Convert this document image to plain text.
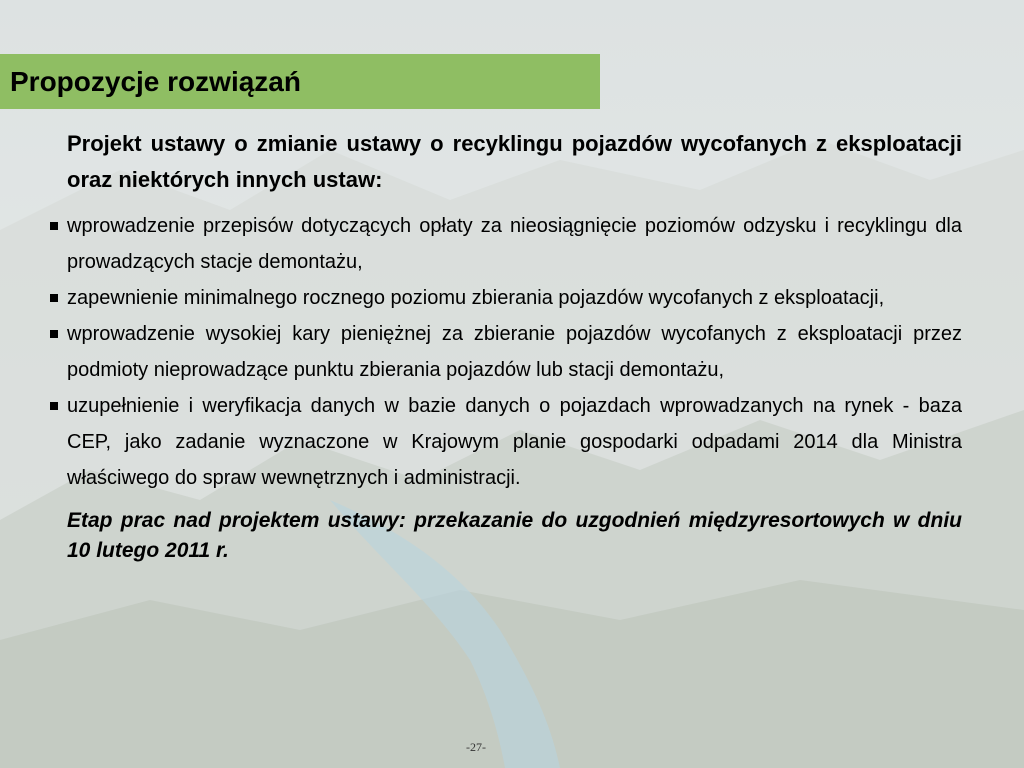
Propozycje rozwiązań

Projekt ustawy o zmianie ustawy o recyklingu pojazdów wycofanych z eksploatacji oraz niektórych innych ustaw:

wprowadzenie przepisów dotyczących opłaty za nieosiągnięcie poziomów odzysku i recyklingu dla prowadzących stacje demontażu,
zapewnienie minimalnego rocznego poziomu zbierania pojazdów wycofanych z eksploatacji,
wprowadzenie wysokiej kary pieniężnej za zbieranie pojazdów wycofanych z eksploatacji przez podmioty nieprowadzące punktu zbierania pojazdów lub stacji demontażu,
uzupełnienie i weryfikacja danych w bazie danych o pojazdach wprowadzanych na rynek - baza CEP, jako zadanie wyznaczone w Krajowym planie gospodarki odpadami 2014 dla Ministra właściwego do spraw wewnętrznych i administracji.

Etap prac nad projektem ustawy: przekazanie do uzgodnień międzyresortowych w dniu 10 lutego 2011 r.

-27-
